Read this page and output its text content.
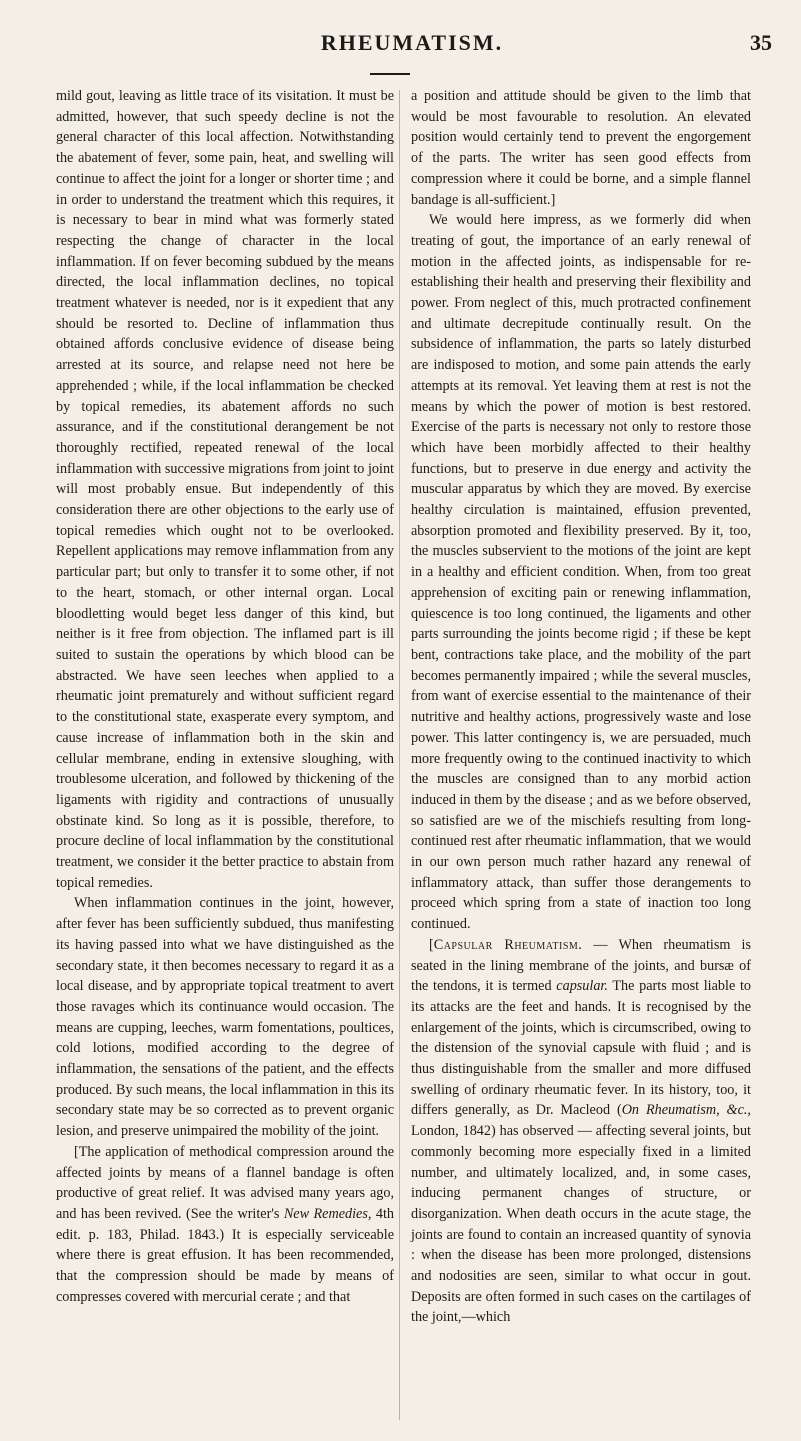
RHEUMATISM.	35

mild gout, leaving as little trace of its visitation. It must be admitted, however, that such speedy decline is not the general character of this local affection. Notwithstanding the abatement of fever, some pain, heat, and swelling will continue to affect the joint for a longer or shorter time ; and in order to understand the treatment which this requires, it is necessary to bear in mind what was formerly stated respecting the change of character in the local inflammation. If on fever becoming subdued by the means directed, the local inflammation declines, no topical treatment whatever is needed, nor is it expedient that any should be resorted to. Decline of inflammation thus obtained affords conclusive evidence of disease being arrested at its source, and relapse need not here be apprehended ; while, if the local inflammation be checked by topical remedies, its abatement affords no such assurance, and if the constitutional derangement be not thoroughly rectified, repeated renewal of the local inflammation with successive migrations from joint to joint will most probably ensue. But independently of this consideration there are other objections to the early use of topical remedies which ought not to be overlooked. Repellent applications may remove inflammation from any particular part; but only to transfer it to some other, if not to the heart, stomach, or other internal organ. Local bloodletting would beget less danger of this kind, but neither is it free from objection. The inflamed part is ill suited to sustain the operations by which blood can be abstracted. We have seen leeches when applied to a rheumatic joint prematurely and without sufficient regard to the constitutional state, exasperate every symptom, and cause increase of inflammation both in the skin and cellular membrane, ending in extensive sloughing, with troublesome ulceration, and followed by thickening of the ligaments with rigidity and contractions of unusually obstinate kind. So long as it is possible, therefore, to procure decline of local inflammation by the constitutional treatment, we consider it the better practice to abstain from topical remedies.

When inflammation continues in the joint, however, after fever has been sufficiently subdued, thus manifesting its having passed into what we have distinguished as the secondary state, it then becomes necessary to regard it as a local disease, and by appropriate topical treatment to avert those ravages which its continuance would occasion. The means are cupping, leeches, warm fomentations, poultices, cold lotions, modified according to the degree of inflammation, the sensations of the patient, and the effects produced. By such means, the local inflammation in this its secondary state may be so corrected as to prevent organic lesion, and preserve unimpaired the mobility of the joint.

[The application of methodical compression around the affected joints by means of a flannel bandage is often productive of great relief. It was advised many years ago, and has been revived. (See the writer's New Remedies, 4th edit. p. 183, Philad. 1843.) It is especially serviceable where there is great effusion. It has been recommended, that the compression should be made by means of compresses covered with mercurial cerate ; and that

a position and attitude should be given to the limb that would be most favourable to resolution. An elevated position would certainly tend to prevent the engorgement of the parts. The writer has seen good effects from compression where it could be borne, and a simple flannel bandage is all-sufficient.]

We would here impress, as we formerly did when treating of gout, the importance of an early renewal of motion in the affected joints, as indispensable for re-establishing their health and preserving their flexibility and power. From neglect of this, much protracted confinement and ultimate decrepitude continually result. On the subsidence of inflammation, the parts so lately disturbed are indisposed to motion, and some pain attends the early attempts at its removal. Yet leaving them at rest is not the means by which the power of motion is best restored. Exercise of the parts is necessary not only to restore those which have been morbidly affected to their healthy functions, but to preserve in due energy and activity the muscular apparatus by which they are moved. By exercise healthy circulation is maintained, effusion prevented, absorption promoted and flexibility preserved. By it, too, the muscles subservient to the motions of the joint are kept in a healthy and efficient condition. When, from too great apprehension of exciting pain or renewing inflammation, quiescence is too long continued, the ligaments and other parts surrounding the joints become rigid ; if these be kept bent, contractions take place, and the mobility of the part becomes permanently impaired ; while the several muscles, from want of exercise essential to the maintenance of their nutritive and healthy actions, progressively waste and lose power. This latter contingency is, we are persuaded, much more frequently owing to the continued inactivity to which the muscles are consigned than to any morbid action induced in them by the disease ; and as we before observed, so satisfied are we of the mischiefs resulting from long-continued rest after rheumatic inflammation, that we would in our own person much rather hazard any renewal of inflammatory attack, than suffer those derangements to proceed which spring from a state of inaction too long continued.

[Capsular Rheumatism. — When rheumatism is seated in the lining membrane of the joints, and bursæ of the tendons, it is termed capsular. The parts most liable to its attacks are the feet and hands. It is recognised by the enlargement of the joints, which is circumscribed, owing to the distension of the synovial capsule with fluid ; and is thus distinguishable from the smaller and more diffused swelling of ordinary rheumatic fever. In its history, too, it differs generally, as Dr. Macleod (On Rheumatism, &c., London, 1842) has observed — affecting several joints, but commonly becoming more especially fixed in a limited number, and ultimately localized, and, in some cases, inducing permanent changes of structure, or disorganization. When death occurs in the acute stage, the joints are found to contain an increased quantity of synovia : when the disease has been more prolonged, distensions and nodosities are seen, similar to what occur in gout. Deposits are often formed in such cases on the cartilages of the joint,—which
